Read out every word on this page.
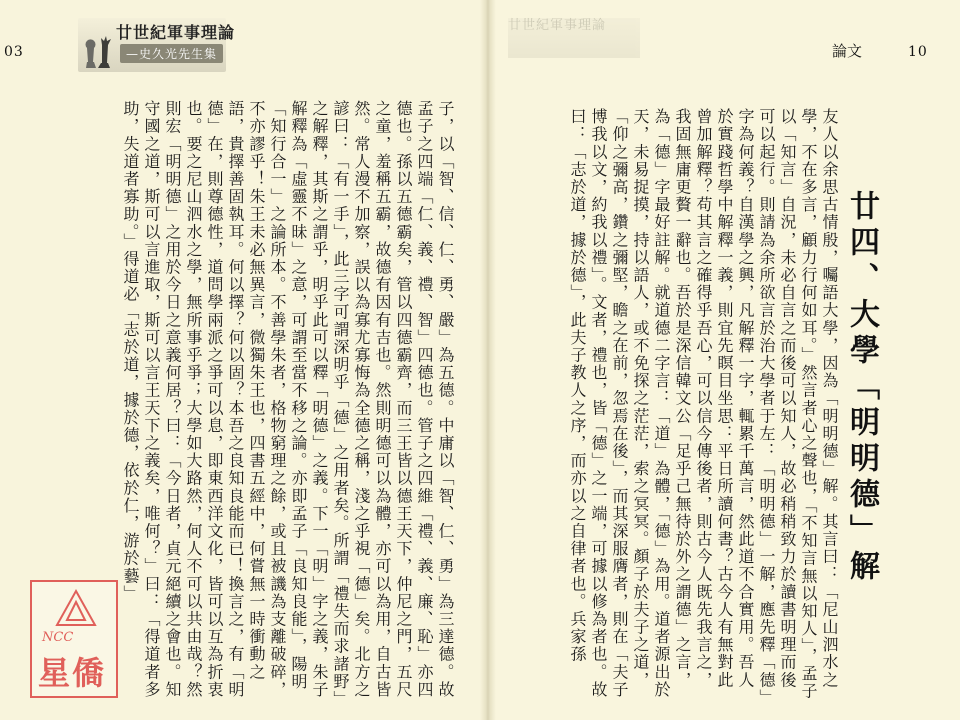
廿世紀軍事理論
—史久光先生集
03
子，以「智、信、仁、勇、嚴」為五德。中庸以「智、仁、勇」為三達德。故孟子之四端「仁、義、禮、智」四德也。管子之四維「禮、義、廉、恥」亦四德也。孫以五德霸矣，管以四德霸齊，而三王皆以德王天下，仲尼之門，五尺之童，羞稱五霸，故德有因有吉也。然則明德可以為體，亦可以為用，自古皆然。常人漫不加察，誤以為寡尤寡悔為全德之稱，淺之乎視「德」矣。北方之諺曰：「有一手」，此三字可謂深明乎「德」之用者矣。所謂「禮失而求諸野」之解釋，其斯之謂乎，明乎此可以釋「明德」之義。下一「明」字之義，朱子解釋為「虛靈不昧」之意，可謂至當不移之論。亦即孟子「良知良能」，陽明「知行合一」之論所本。不善學朱者，格物窮理之餘，或且被譏為支離破碎，不亦謬乎！朱王未必無異言，微獨朱王也，四書五經中，何嘗無一時衝動之語，貴擇善固執耳。何以擇？何以固？本吾之良知良能而已！換言之，有「明德」在，則尊德性，道問學兩派之爭可以息，即東西洋文化，皆可以互為折衷也。要之尼山泗水之學，無所事乎爭；大學如大路然，何人不可以共由哉？然則宏「明明德」之用於今日之意義何居？曰：「今日者，貞元絕續之會也。知守國之道，斯可以言進取，斯可以言王天下之義矣，唯何？」曰：「得道者多助，失道者寡助。」得道必「志於道，據於德，依於仁，游於藝」
廿世紀軍事理論
論文	10
友人以余思古情殷，囑語大學，因為「明明德」解。其言曰：「尼山泗水之學，不在多言，顧力行何如耳。」然言者心之聲也，「不知言無以知人」，孟子以「知言」自況，未必自言之而後可以知人，故必稍稍致力於讀書明理而後可以起行。則請為余所欲言於治大學者于左：「明明德」一解，應先釋「德」字為何義？自漢學之興，凡解釋一字，輒累千萬言，然此道不合實用。吾人於實踐哲學中解釋一義，則宜先瞑目坐思：平日所讀何書？古今人有無對此曾加解釋？苟其言之確得乎吾心，可以信今傳後者，則古今人既先我言之，我固無庸更贅一辭也。吾於是深信韓文公「足乎己無待於外之謂德」之言，為「德」字最好註解。就道德二字言：「道」為體，「德」為用。道者源出於天，未易捉摸，持以語人，或不免探之茫茫，索之冥冥。顏子於夫子之道，「仰之彌高，鑽之彌堅，瞻之在前，忽焉在後」，而其深服膺者，則在「夫子博我以文，約我以禮」。文者，禮也，皆「德」之一端，可據以修為者也。故曰：「志於道，據於德」，此夫子教人之序，而亦以之自律者也。兵家孫	廿四、大學「明明德」解
NCC
星僑
